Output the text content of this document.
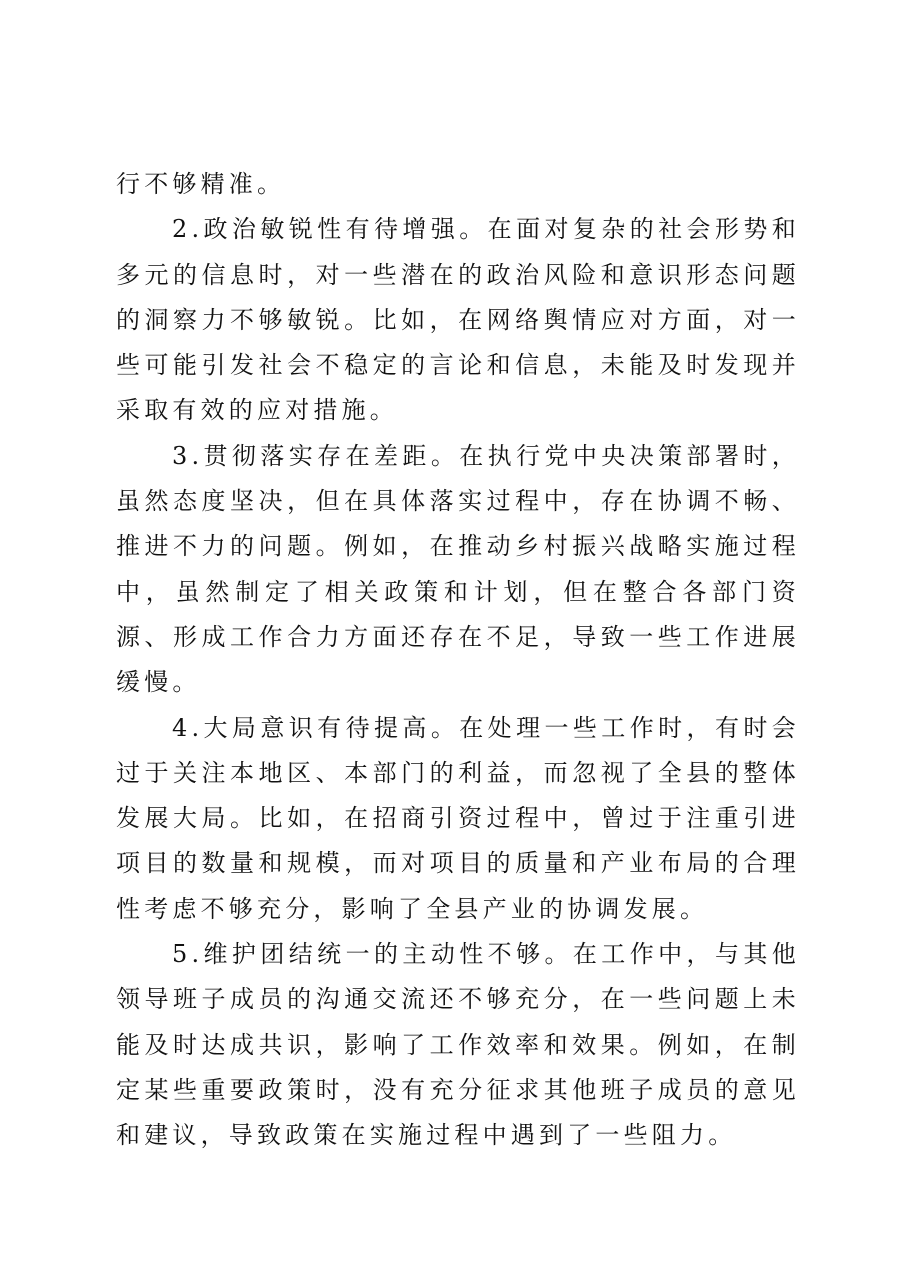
行不够精准。

2.政治敏锐性有待增强。在面对复杂的社会形势和多元的信息时，对一些潜在的政治风险和意识形态问题的洞察力不够敏锐。比如，在网络舆情应对方面，对一些可能引发社会不稳定的言论和信息，未能及时发现并采取有效的应对措施。

3.贯彻落实存在差距。在执行党中央决策部署时，虽然态度坚决，但在具体落实过程中，存在协调不畅、推进不力的问题。例如，在推动乡村振兴战略实施过程中，虽然制定了相关政策和计划，但在整合各部门资源、形成工作合力方面还存在不足，导致一些工作进展缓慢。

4.大局意识有待提高。在处理一些工作时，有时会过于关注本地区、本部门的利益，而忽视了全县的整体发展大局。比如，在招商引资过程中，曾过于注重引进项目的数量和规模，而对项目的质量和产业布局的合理性考虑不够充分，影响了全县产业的协调发展。

5.维护团结统一的主动性不够。在工作中，与其他领导班子成员的沟通交流还不够充分，在一些问题上未能及时达成共识，影响了工作效率和效果。例如，在制定某些重要政策时，没有充分征求其他班子成员的意见和建议，导致政策在实施过程中遇到了一些阻力。
